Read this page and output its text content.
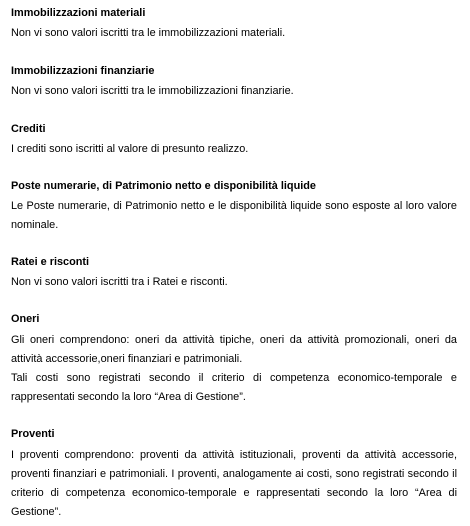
Immobilizzazioni materiali

Non vi sono valori iscritti tra le immobilizzazioni materiali.

Immobilizzazioni finanziarie

Non vi sono valori iscritti tra le immobilizzazioni finanziarie.

Crediti

I crediti sono iscritti al valore di presunto realizzo.

Poste numerarie, di Patrimonio netto e disponibilità liquide

Le Poste numerarie, di Patrimonio netto e le disponibilità liquide sono esposte al loro valore nominale.

Ratei e risconti

Non vi sono valori iscritti tra i Ratei e risconti.

Oneri

Gli oneri comprendono: oneri da attività tipiche, oneri da attività promozionali, oneri da attività accessorie,oneri finanziari e patrimoniali.

Tali costi sono registrati secondo il criterio di competenza economico-temporale e rappresentati secondo la loro “Area di Gestione”.

Proventi

I proventi comprendono: proventi da attività istituzionali, proventi da attività accessorie, proventi finanziari e patrimoniali. I proventi, analogamente ai costi, sono registrati secondo il criterio di competenza economico-temporale e rappresentati secondo la loro “Area di Gestione”.
